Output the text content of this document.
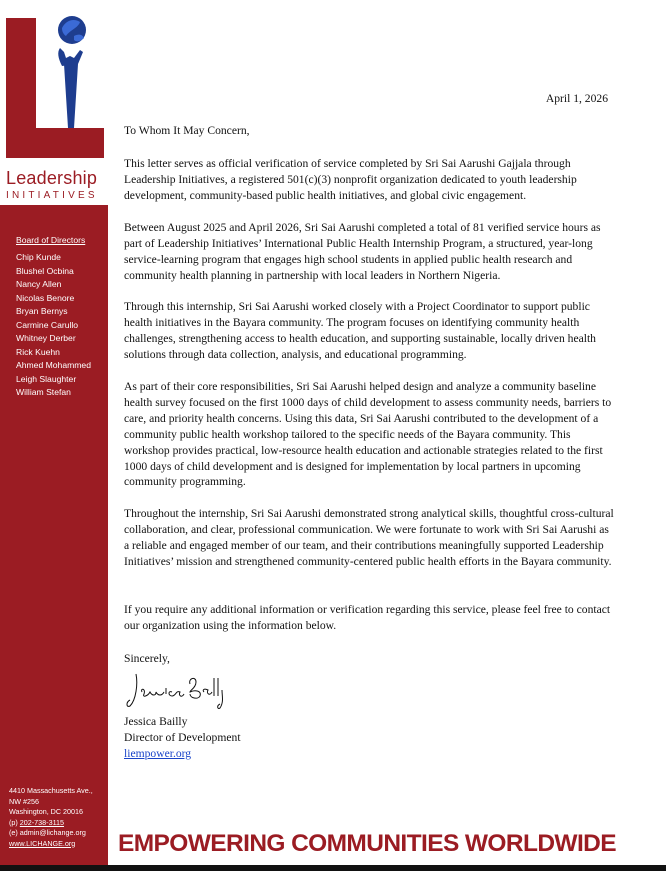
Leadership
INITIATIVES
Board of Directors
Chip Kunde
Blushel Ocbina
Nancy Allen
Nicolas Benore
Bryan Bernys
Carmine Carullo
Whitney Derber
Rick Kuehn
Ahmed Mohammed
Leigh Slaughter
William Stefan
4410 Massachusetts Ave.,
NW #256
Washington, DC 20016
(p) 202-738-3115
(e) admin@lichange.org
www.LICHANGE.org
April 1, 2026
To Whom It May Concern,
This letter serves as official verification of service completed by Sri Sai Aarushi Gajjala through Leadership Initiatives, a registered 501(c)(3) nonprofit organization dedicated to youth leadership development, community-based public health initiatives, and global civic engagement.
Between August 2025 and April 2026, Sri Sai Aarushi completed a total of 81 verified service hours as part of Leadership Initiatives’ International Public Health Internship Program, a structured, year-long service-learning program that engages high school students in applied public health research and community health planning in partnership with local leaders in Northern Nigeria.
Through this internship, Sri Sai Aarushi worked closely with a Project Coordinator to support public health initiatives in the Bayara community. The program focuses on identifying community health challenges, strengthening access to health education, and supporting sustainable, locally driven health solutions through data collection, analysis, and educational programming.
As part of their core responsibilities, Sri Sai Aarushi helped design and analyze a community baseline health survey focused on the first 1000 days of child development to assess community needs, barriers to care, and priority health concerns. Using this data, Sri Sai Aarushi contributed to the development of a community public health workshop tailored to the specific needs of the Bayara community. This workshop provides practical, low-resource health education and actionable strategies related to the first 1000 days of child development and is designed for implementation by local partners in upcoming community programming.
Throughout the internship, Sri Sai Aarushi demonstrated strong analytical skills, thoughtful cross-cultural collaboration, and clear, professional communication. We were fortunate to work with Sri Sai Aarushi as a reliable and engaged member of our team, and their contributions meaningfully supported Leadership Initiatives’ mission and strengthened community-centered public health efforts in the Bayara community.
If you require any additional information or verification regarding this service, please feel free to contact our organization using the information below.
Sincerely,
Jessica Bailly
Director of Development
liempower.org
EMPOWERING COMMUNITIES WORLDWIDE
